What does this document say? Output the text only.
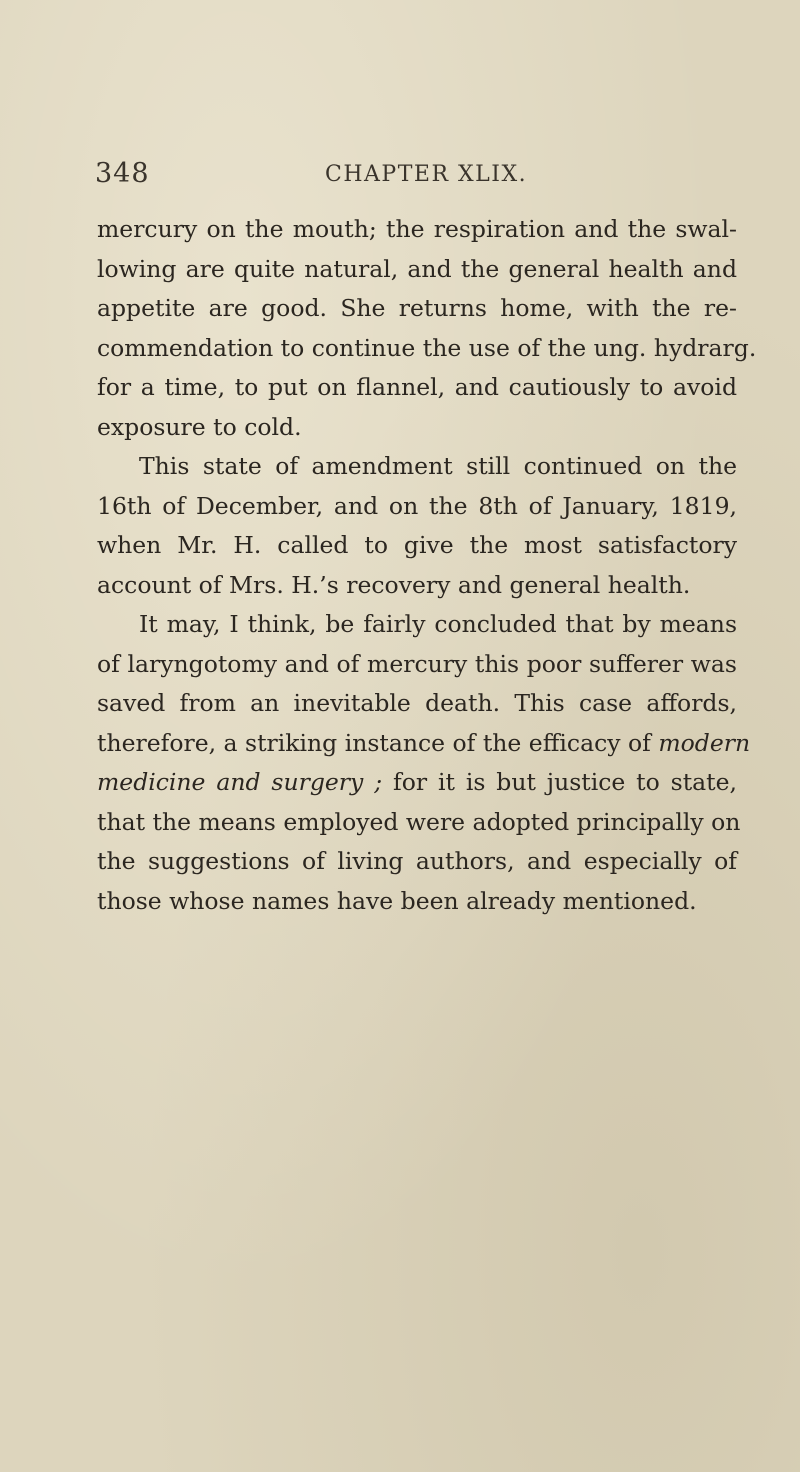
348	CHAPTER XLIX.
mercury on the mouth; the respiration and the swal-
lowing are quite natural, and the general health and
appetite are good. She returns home, with the re-
commendation to continue the use of the ung. hydrarg.
for a time, to put on flannel, and cautiously to avoid
exposure to cold.
This state of amendment still continued on the
16th of December, and on the 8th of January, 1819,
when Mr. H. called to give the most satisfactory
account of Mrs. H.’s recovery and general health.
It may, I think, be fairly concluded that by means
of laryngotomy and of mercury this poor sufferer was
saved from an inevitable death. This case affords,
therefore, a striking instance of the efficacy of modern
medicine and surgery ; for it is but justice to state,
that the means employed were adopted principally on
the suggestions of living authors, and especially of
those whose names have been already mentioned.
